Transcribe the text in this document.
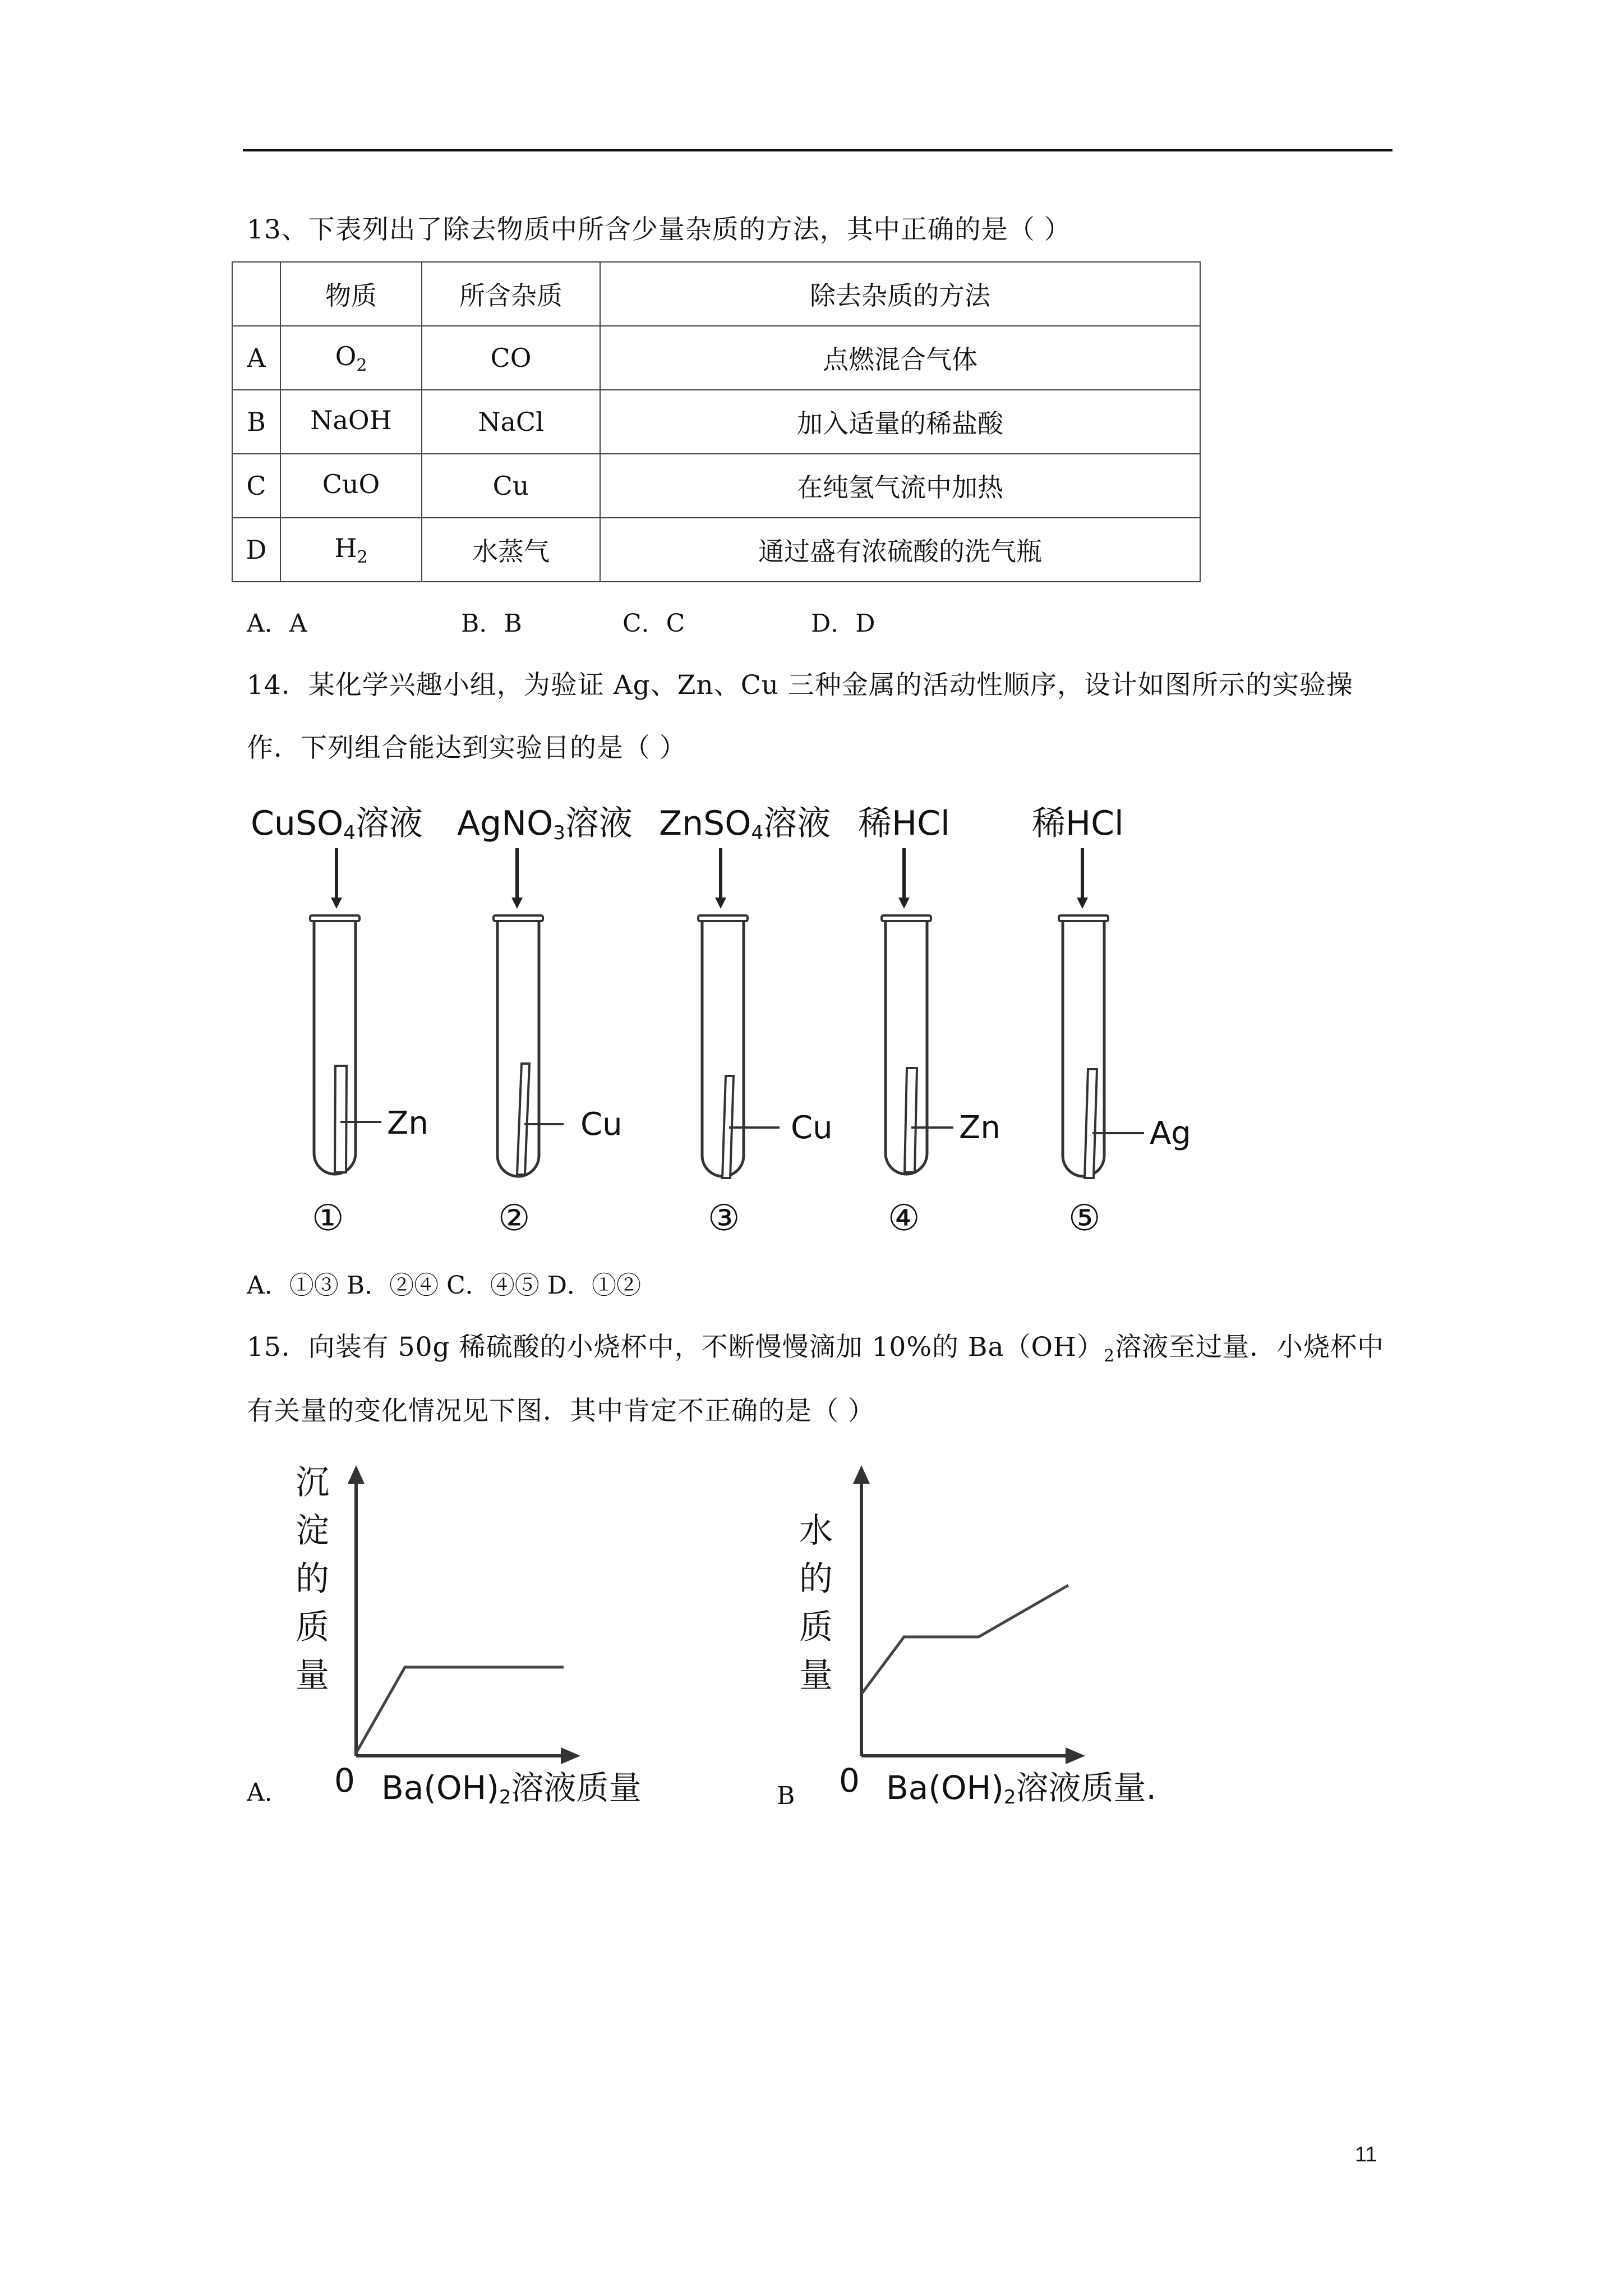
13、下表列出了除去物质中所含少量杂质的方法，其中正确的是（ ）
	物质	所含杂质	除去杂质的方法
A	$O_2$	CO	点燃混合气体
B	NaOH	NaCl	加入适量的稀盐酸
C	CuO	Cu	在纯氢气流中加热
D	$H_2$	水蒸气	通过盛有浓硫酸的洗气瓶
A．A	B．B	C．C	D．D
14．某化学兴趣小组，为验证 Ag、Zn、Cu 三种金属的活动性顺序，设计如图所示的实验操
作．下列组合能达到实验目的是（ ）
CuSO4溶液 AgNO3溶液 ZnSO4溶液 稀HCl 稀HCl
Zn	Cu	Cu	Zn	Ag
①	②	③	④	⑤
A．①③ B．②④ C．④⑤ D．①②
15．向装有 50g 稀硫酸的小烧杯中，不断慢慢滴加 10%的 $Ba(OH)_2$溶液至过量．小烧杯中
有关量的变化情况见下图．其中肯定不正确的是（ ）
沉
淀
的
质
量
A． 0 Ba(OH)2溶液质量
水
的
质
量
B 0 Ba(OH)2溶液质量.
11
